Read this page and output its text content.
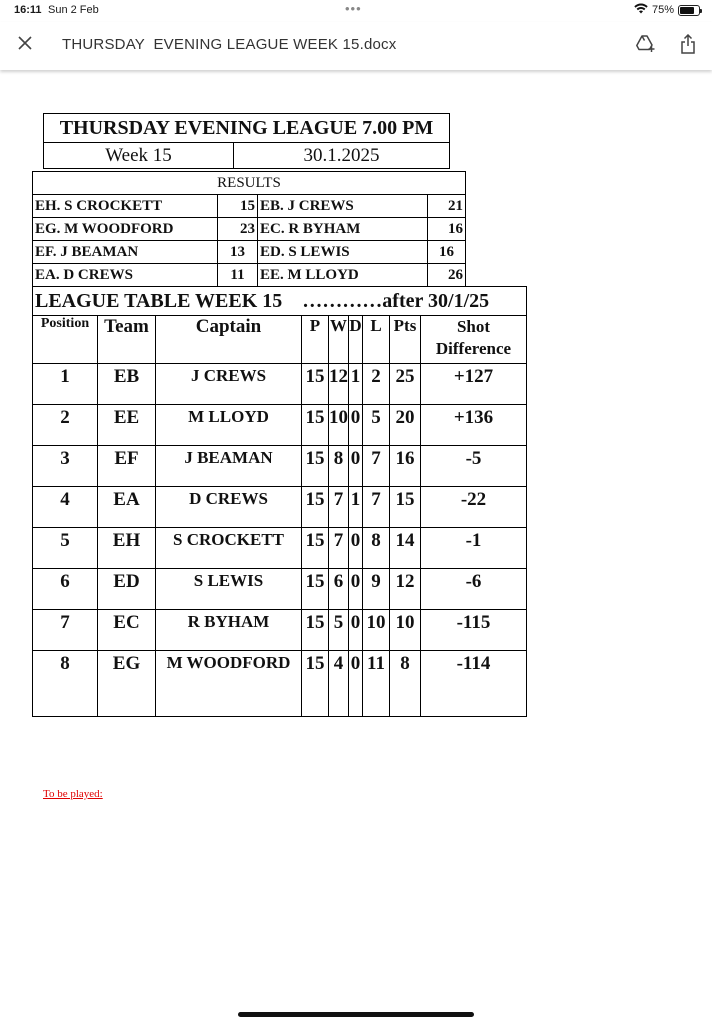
16:11 Sun 2 Feb	•••	75%
THURSDAY  EVENING LEAGUE WEEK 15.docx
THURSDAY EVENING LEAGUE 7.00 PM
Week 15	30.1.2025
RESULTS			
EH. S CROCKETT	15	EB. J CREWS	21
EG. M WOODFORD	23	EC. R BYHAM	16
EF. J BEAMAN	13	ED. S LEWIS	16
EA. D CREWS	11	EE. M LLOYD	26
LEAGUE TABLE WEEK 15    …………after 30/1/25								
Position	Team	Captain	P	W	D	L	Pts	Shot Difference
1	EB	J CREWS	15	12	1	2	25	+127
2	EE	M LLOYD	15	10	0	5	20	+136
3	EF	J BEAMAN	15	8	0	7	16	-5
4	EA	D CREWS	15	7	1	7	15	-22
5	EH	S CROCKETT	15	7	0	8	14	-1
6	ED	S LEWIS	15	6	0	9	12	-6
7	EC	R BYHAM	15	5	0	10	10	-115
8	EG	M WOODFORD	15	4	0	11	8	-114
To be played:
